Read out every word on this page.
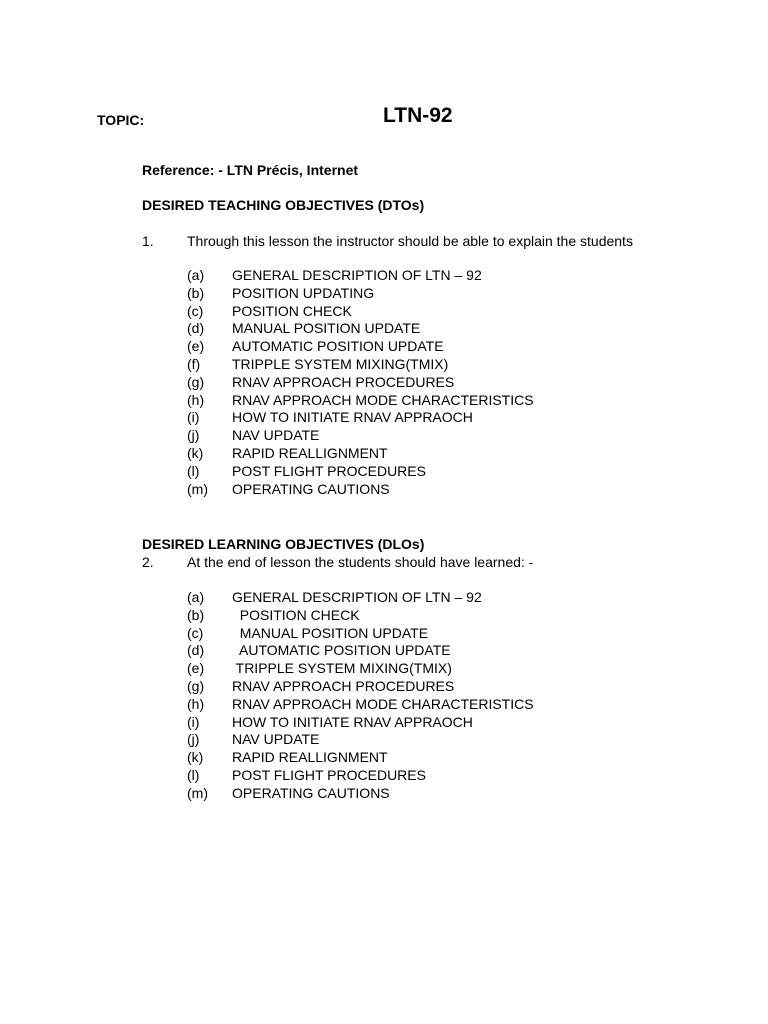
TOPIC:	LTN-92
Reference: - LTN Précis, Internet
DESIRED TEACHING OBJECTIVES (DTOs)
1. Through this lesson the instructor should be able to explain the students
(a) GENERAL DESCRIPTION OF LTN – 92
(b) POSITION UPDATING
(c) POSITION CHECK
(d) MANUAL POSITION UPDATE
(e) AUTOMATIC POSITION UPDATE
(f) TRIPPLE SYSTEM MIXING(TMIX)
(g) RNAV APPROACH PROCEDURES
(h) RNAV APPROACH MODE CHARACTERISTICS
(i) HOW TO INITIATE RNAV APPRAOCH
(j) NAV UPDATE
(k) RAPID REALLIGNMENT
(l) POST FLIGHT PROCEDURES
(m) OPERATING CAUTIONS
DESIRED LEARNING OBJECTIVES (DLOs)
2. At the end of lesson the students should have learned: -
(a) GENERAL DESCRIPTION OF LTN – 92
(b) POSITION CHECK
(c) MANUAL POSITION UPDATE
(d) AUTOMATIC POSITION UPDATE
(e) TRIPPLE SYSTEM MIXING(TMIX)
(g) RNAV APPROACH PROCEDURES
(h) RNAV APPROACH MODE CHARACTERISTICS
(i) HOW TO INITIATE RNAV APPRAOCH
(j) NAV UPDATE
(k) RAPID REALLIGNMENT
(l) POST FLIGHT PROCEDURES
(m) OPERATING CAUTIONS
